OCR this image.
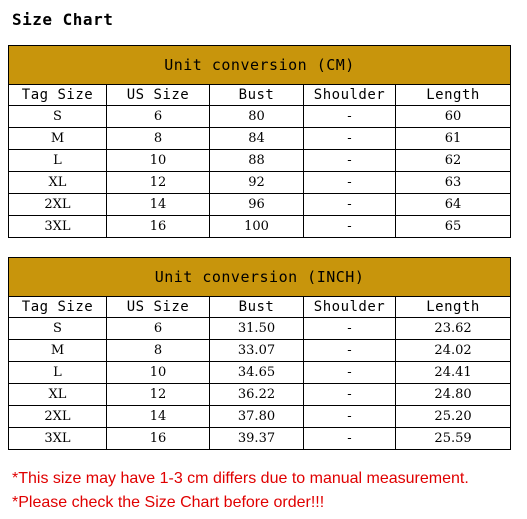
Size Chart
Unit conversion (CM)				
Tag Size	US Size	Bust	Shoulder	Length
S	6	80	-	60
M	8	84	-	61
L	10	88	-	62
XL	12	92	-	63
2XL	14	96	-	64
3XL	16	100	-	65
Unit conversion (INCH)				
Tag Size	US Size	Bust	Shoulder	Length
S	6	31.50	-	23.62
M	8	33.07	-	24.02
L	10	34.65	-	24.41
XL	12	36.22	-	24.80
2XL	14	37.80	-	25.20
3XL	16	39.37	-	25.59
*This size may have 1-3 cm differs due to manual measurement.
*Please check the Size Chart before order!!!
